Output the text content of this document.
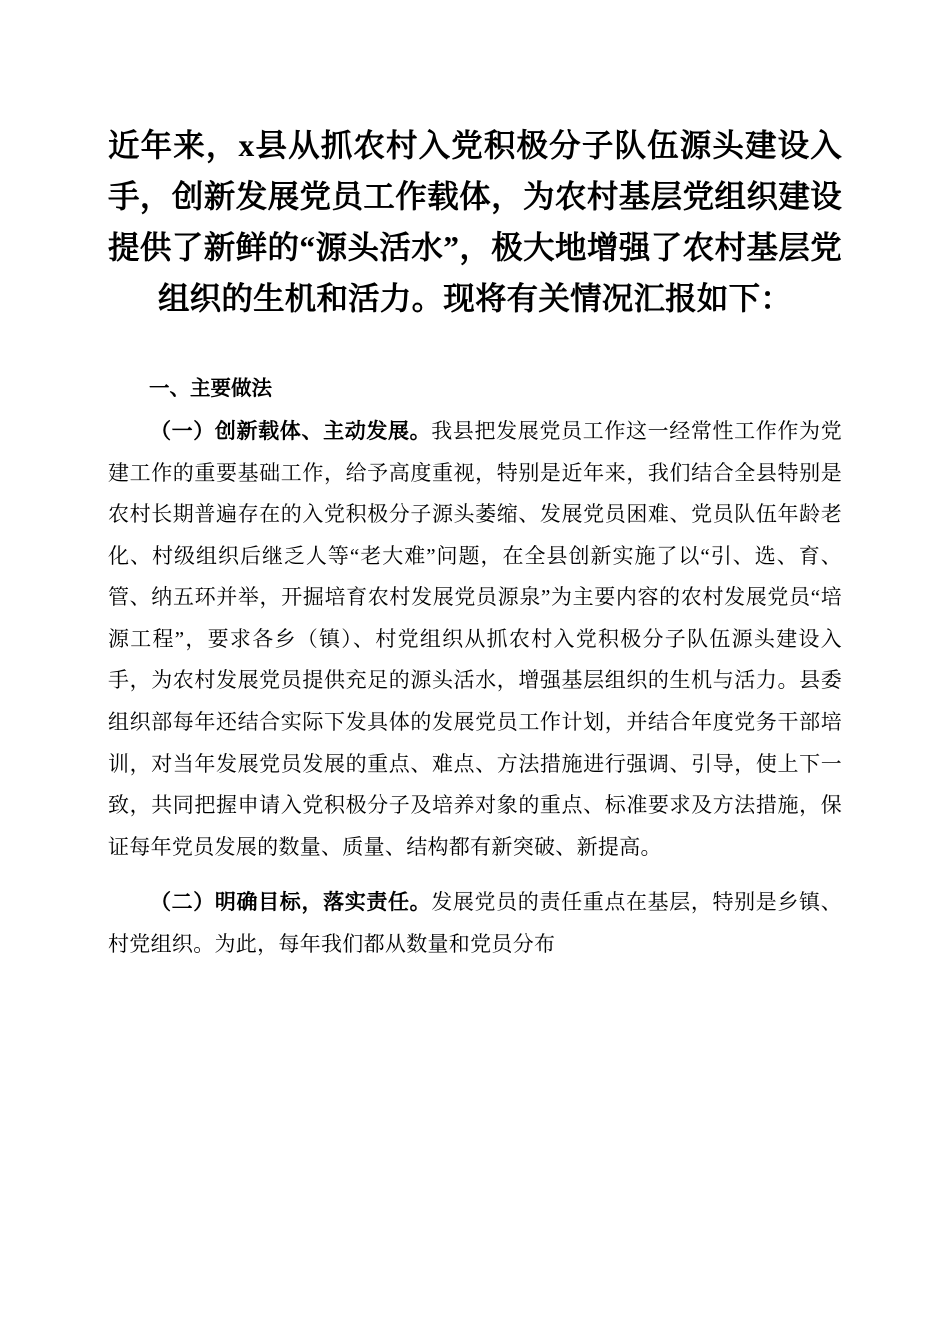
近年来，x县从抓农村入党积极分子队伍源头建设入手，创新发展党员工作载体，为农村基层党组织建设提供了新鲜的“源头活水”，极大地增强了农村基层党组织的生机和活力。现将有关情况汇报如下：
一、主要做法

（一）创新载体、主动发展。我县把发展党员工作这一经常性工作作为党建工作的重要基础工作，给予高度重视，特别是近年来，我们结合全县特别是农村长期普遍存在的入党积极分子源头萎缩、发展党员困难、党员队伍年龄老化、村级组织后继乏人等“老大难”问题，在全县创新实施了以“引、选、育、管、纳五环并举，开掘培育农村发展党员源泉”为主要内容的农村发展党员“培源工程”，要求各乡（镇）、村党组织从抓农村入党积极分子队伍源头建设入手，为农村发展党员提供充足的源头活水，增强基层组织的生机与活力。县委组织部每年还结合实际下发具体的发展党员工作计划，并结合年度党务干部培训，对当年发展党员发展的重点、难点、方法措施进行强调、引导，使上下一致，共同把握申请入党积极分子及培养对象的重点、标准要求及方法措施，保证每年党员发展的数量、质量、结构都有新突破、新提高。

（二）明确目标，落实责任。发展党员的责任重点在基层，特别是乡镇、村党组织。为此，每年我们都从数量和党员分布
